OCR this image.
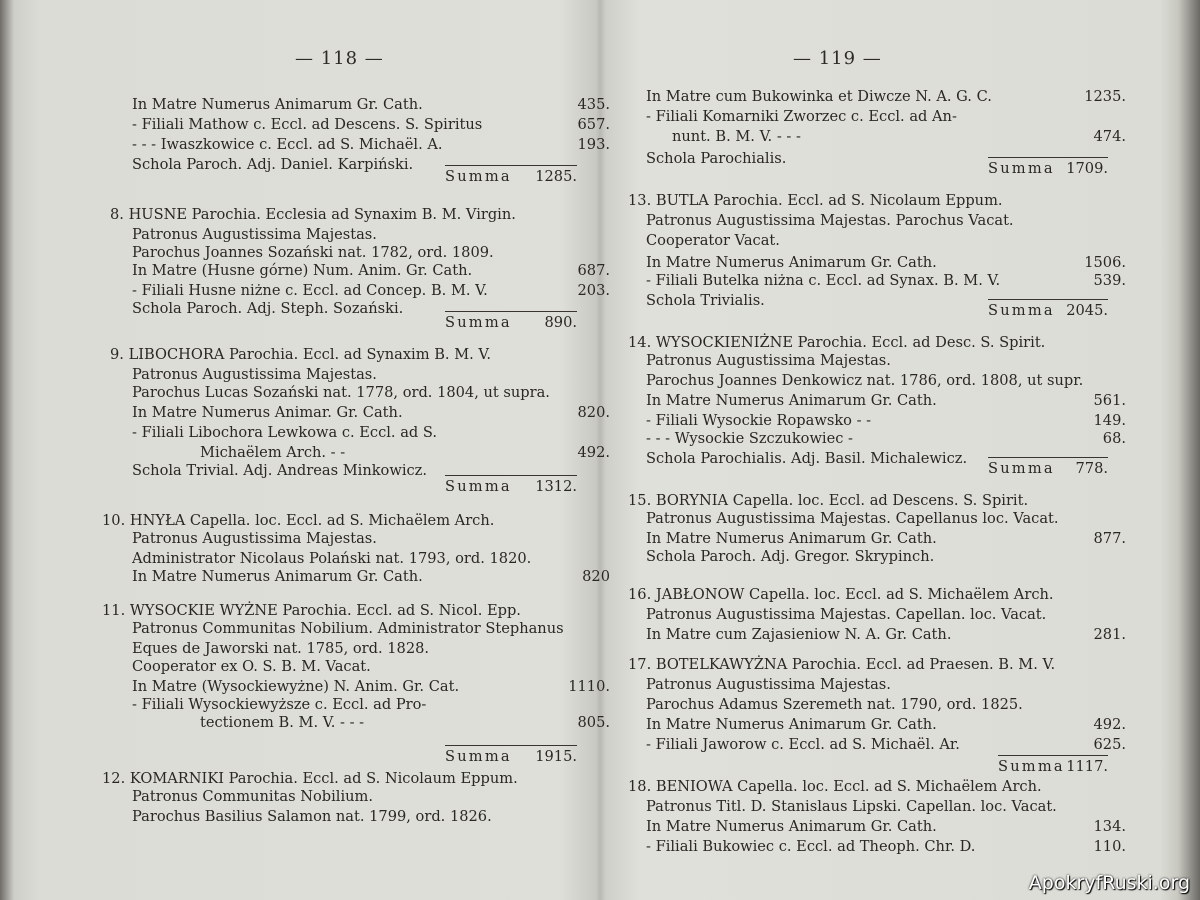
— 118 —
In Matre Numerus Animarum Gr. Cath.	435.
- Filiali Mathow c. Eccl. ad Descens. S. Spiritus	657.
- - - Iwaszkowice c. Eccl. ad S. Michaël. A.	193.
Schola Paroch. Adj. Daniel. Karpiński.
Summa 1285.
8. HUSNE Parochia. Ecclesia ad Synaxim B. M. Virgin.
Patronus Augustissima Majestas.
Parochus Joannes Sozański nat. 1782, ord. 1809.
In Matre (Husne górne) Num. Anim. Gr. Cath.	687.
- Filiali Husne niżne c. Eccl. ad Concep. B. M. V.	203.
Schola Paroch. Adj. Steph. Sozański.
Summa 890.
9. LIBOCHORA Parochia. Eccl. ad Synaxim B. M. V.
Patronus Augustissima Majestas.
Parochus Lucas Sozański nat. 1778, ord. 1804, ut supra.
In Matre Numerus Animar. Gr. Cath.	820.
- Filiali Libochora Lewkowa c. Eccl. ad S.
Michaëlem Arch. - -	492.
Schola Trivial. Adj. Andreas Minkowicz.
Summa 1312.
10. HNYŁA Capella. loc. Eccl. ad S. Michaëlem Arch.
Patronus Augustissima Majestas.
Administrator Nicolaus Polański nat. 1793, ord. 1820.
In Matre Numerus Animarum Gr. Cath.	820
11. WYSOCKIE WYŻNE Parochia. Eccl. ad S. Nicol. Epp.
Patronus Communitas Nobilium. Administrator Stephanus
Eques de Jaworski nat. 1785, ord. 1828.
Cooperator ex O. S. B. M. Vacat.
In Matre (Wysockiewyżne) N. Anim. Gr. Cat.	1110.
- Filiali Wysockiewyższe c. Eccl. ad Pro-
tectionem B. M. V. - - -	805.
Summa 1915.
12. KOMARNIKI Parochia. Eccl. ad S. Nicolaum Eppum.
Patronus Communitas Nobilium.
Parochus Basilius Salamon nat. 1799, ord. 1826.
— 119 —
In Matre cum Bukowinka et Diwcze N. A. G. C.	1235.
- Filiali Komarniki Zworzec c. Eccl. ad An-
nunt. B. M. V. - - -	474.
Schola Parochialis.
Summa 1709.
13. BUTLA Parochia. Eccl. ad S. Nicolaum Eppum.
Patronus Augustissima Majestas. Parochus Vacat.
Cooperator Vacat.
In Matre Numerus Animarum Gr. Cath.	1506.
- Filiali Butelka niżna c. Eccl. ad Synax. B. M. V.	539.
Schola Trivialis.
Summa 2045.
14. WYSOCKIENIŻNE Parochia. Eccl. ad Desc. S. Spirit.
Patronus Augustissima Majestas.
Parochus Joannes Denkowicz nat. 1786, ord. 1808, ut supr.
In Matre Numerus Animarum Gr. Cath.	561.
- Filiali Wysockie Ropawsko - -	149.
- - - Wysockie Szczukowiec -	68.
Schola Parochialis. Adj. Basil. Michalewicz.
Summa 778.
15. BORYNIA Capella. loc. Eccl. ad Descens. S. Spirit.
Patronus Augustissima Majestas. Capellanus loc. Vacat.
In Matre Numerus Animarum Gr. Cath.	877.
Schola Paroch. Adj. Gregor. Skrypinch.
16. JABŁONOW Capella. loc. Eccl. ad S. Michaëlem Arch.
Patronus Augustissima Majestas. Capellan. loc. Vacat.
In Matre cum Zajasieniow N. A. Gr. Cath.	281.
17. BOTELKAWYŻNA Parochia. Eccl. ad Praesen. B. M. V.
Patronus Augustissima Majestas.
Parochus Adamus Szeremeth nat. 1790, ord. 1825.
In Matre Numerus Animarum Gr. Cath.	492.
- Filiali Jaworow c. Eccl. ad S. Michaël. Ar.	625.
Summa 1117.
18. BENIOWA Capella. loc. Eccl. ad S. Michaëlem Arch.
Patronus Titl. D. Stanislaus Lipski. Capellan. loc. Vacat.
In Matre Numerus Animarum Gr. Cath.	134.
- Filiali Bukowiec c. Eccl. ad Theoph. Chr. D.	110.
ApokryfRuski.org
